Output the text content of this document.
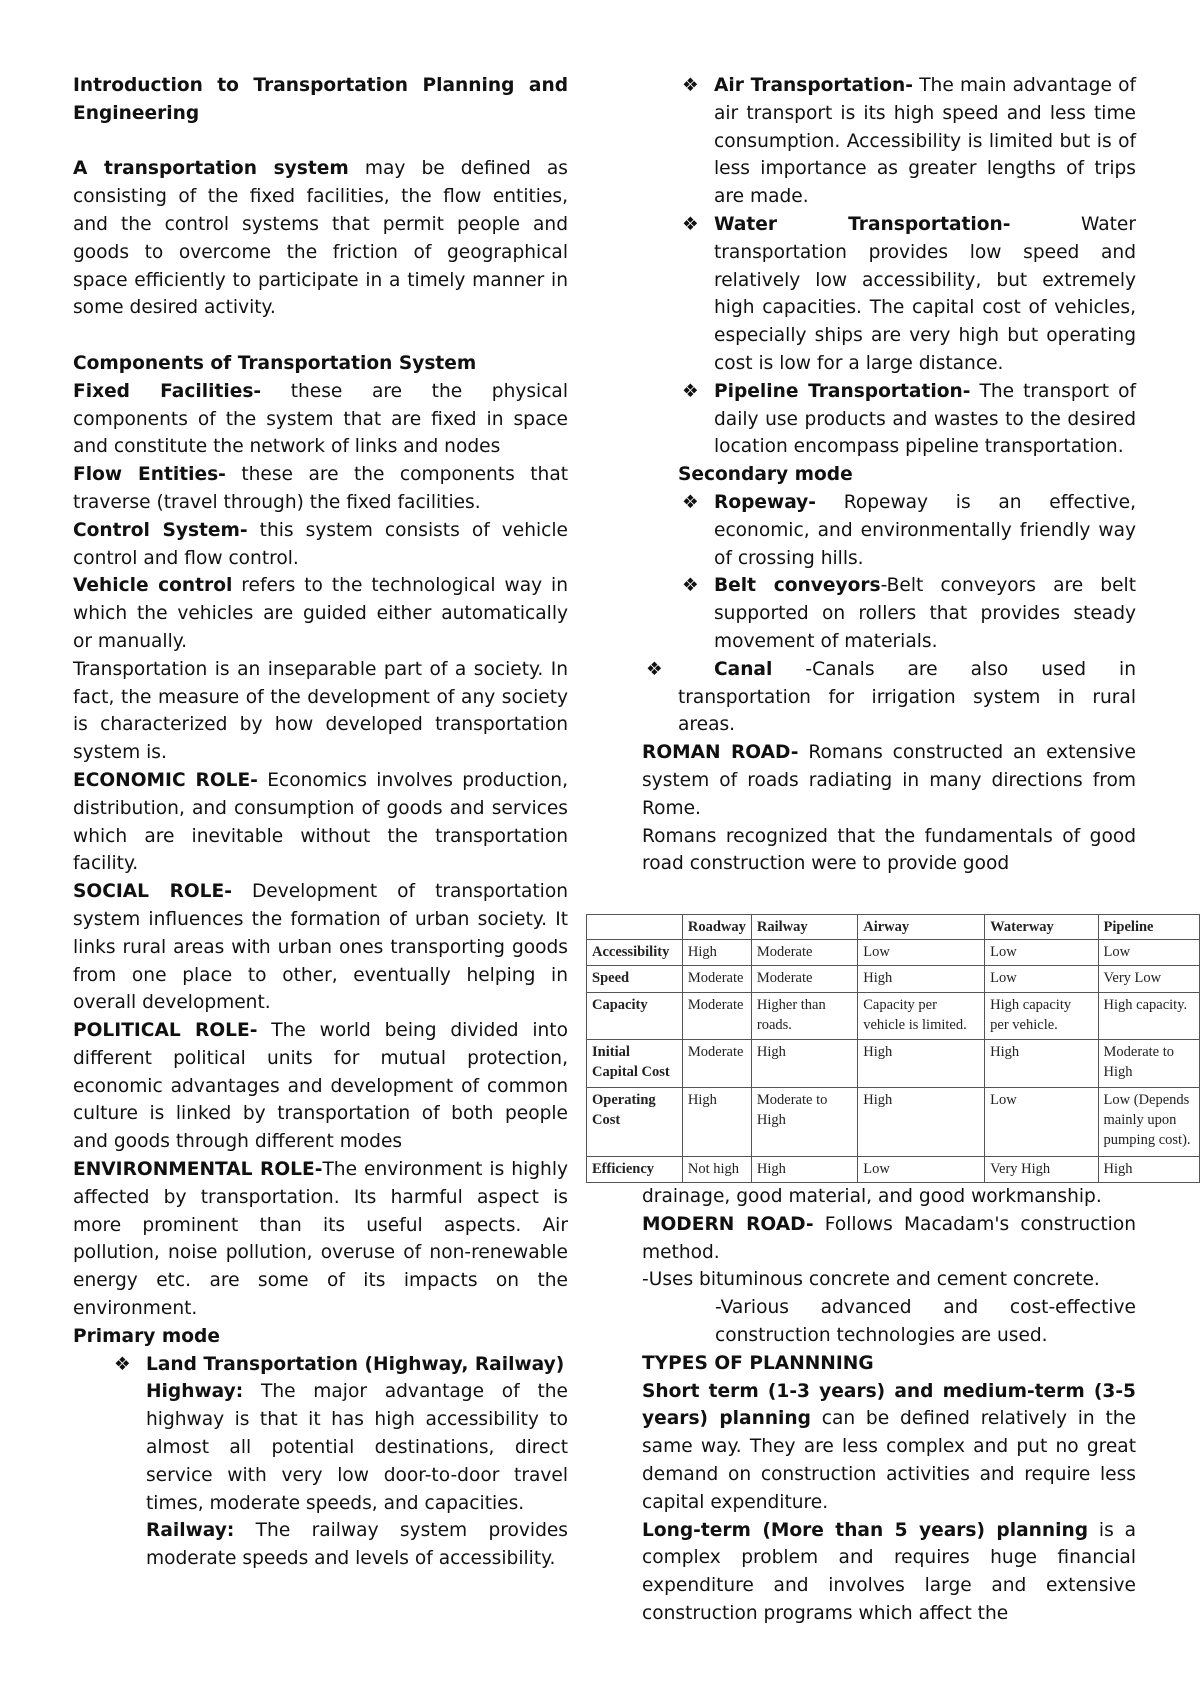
Introduction to Transportation Planning and Engineering

A transportation system may be defined as consisting of the fixed facilities, the flow entities, and the control systems that permit people and goods to overcome the friction of geographical space efficiently to participate in a timely manner in some desired activity.

Components of Transportation System

Fixed Facilities- these are the physical components of the system that are fixed in space and constitute the network of links and nodes

Flow Entities- these are the components that traverse (travel through) the fixed facilities.

Control System- this system consists of vehicle control and flow control.

Vehicle control refers to the technological way in which the vehicles are guided either automatically or manually.

Transportation is an inseparable part of a society. In fact, the measure of the development of any society is characterized by how developed transportation system is.

ECONOMIC ROLE- Economics involves production, distribution, and consumption of goods and services which are inevitable without the transportation facility.

SOCIAL ROLE- Development of transportation system influences the formation of urban society. It links rural areas with urban ones transporting goods from one place to other, eventually helping in overall development.

POLITICAL ROLE- The world being divided into different political units for mutual protection, economic advantages and development of common culture is linked by transportation of both people and goods through different modes

ENVIRONMENTAL ROLE-The environment is highly affected by transportation. Its harmful aspect is more prominent than its useful aspects. Air pollution, noise pollution, overuse of non-renewable energy etc. are some of its impacts on the environment.

Primary mode

❖ Land Transportation (Highway, Railway)

Highway: The major advantage of the highway is that it has high accessibility to almost all potential destinations, direct service with very low door-to-door travel times, moderate speeds, and capacities.

Railway: The railway system provides moderate speeds and levels of accessibility.

❖ Air Transportation- The main advantage of air transport is its high speed and less time consumption. Accessibility is limited but is of less importance as greater lengths of trips are made.

❖ Water Transportation- Water transportation provides low speed and relatively low accessibility, but extremely high capacities. The capital cost of vehicles, especially ships are very high but operating cost is low for a large distance.

❖ Pipeline Transportation- The transport of daily use products and wastes to the desired location encompass pipeline transportation.

Secondary mode

❖ Ropeway- Ropeway is an effective, economic, and environmentally friendly way of crossing hills.

❖ Belt conveyors-Belt conveyors are belt supported on rollers that provides steady movement of materials.

❖	Canal -Canals are also used in transportation for irrigation system in rural areas.

ROMAN ROAD- Romans constructed an extensive system of roads radiating in many directions from Rome.

Romans recognized that the fundamentals of good road construction were to provide good

	Roadway	Railway	Airway	Waterway	Pipeline
Accessibility	High	Moderate	Low	Low	Low
Speed	Moderate	Moderate	High	Low	Very Low
Capacity	Moderate	Higher than roads.	Capacity per vehicle is limited.	High capacity per vehicle.	High capacity.
Initial Capital Cost	Moderate	High	High	High	Moderate to High
Operating Cost	High	Moderate to High	High	Low	Low (Depends mainly upon pumping cost).
Efficiency	Not high	High	Low	Very High	High

drainage, good material, and good workmanship.

MODERN ROAD- Follows Macadam's construction method.

-Uses bituminous concrete and cement concrete.

-Various advanced and cost-effective construction technologies are used.

TYPES OF PLANNNING

Short term (1-3 years) and medium-term (3-5 years) planning can be defined relatively in the same way. They are less complex and put no great demand on construction activities and require less capital expenditure.

Long-term (More than 5 years) planning is a complex problem and requires huge financial expenditure and involves large and extensive construction programs which affect the
